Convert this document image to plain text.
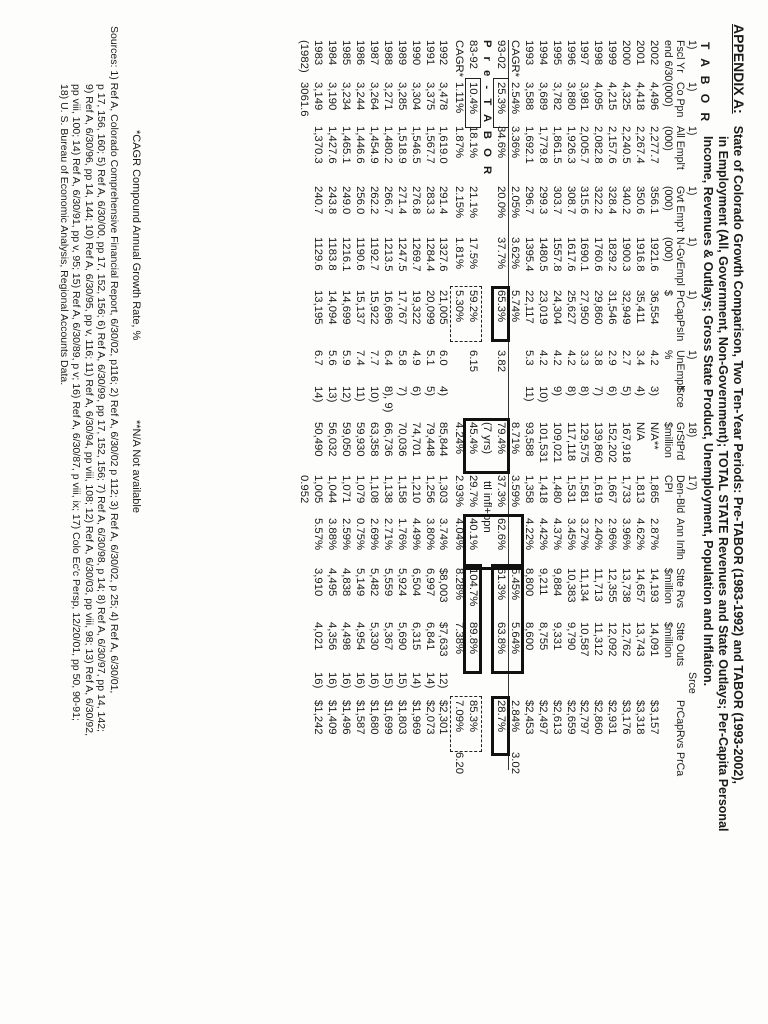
APPENDIX A:State of Colorado Growth Comparison, Two Ten-Year Periods: Pre-TABOR (1983-1992) and TABOR (1993-2002),
in Employment (All, Government, Non-Government); TOTAL STATE Revenues and State Outlays; Per-Capita Personal
Income, Revenues & Outlays; Gross State Product, Unemployment, Population and Inflation.
T A B O R
1)
Fscl Yr
end 6/30
1)
Co Ppn
(000)
1)
All Empl't
(000)
1)
Gvt Emp't
(000)
1)
N-GvEmpl
(000)
1)
PrCapPsIn
$
1)
UnEmplt
%
Srce
18)
GrStPrd
$million
17)
Den-Bld
CPI
Ann Infln
Stte Rvs
$million
Stte Outs
$million
Srce
PrCapRvs
PrCa
2002
4,496
2,277.7
356.1
1921.6
36,554
4.2
3)
N/A**
1,865
2.87%
14,193
14,091
$3,157
2001
4,418
2,267.4
350.6
1916.8
35,411
3.4
4)
N/A
1,813
4.62%
14,657
13,743
$3,318
2000
4,325
2,240.5
340.2
1900.3
32,949
2.7
5)
167,918
1,733
3.96%
13,738
12,762
$3,176
1999
4,215
2,157.6
328.4
1829.2
31,546
2.9
6)
152,202
1,667
2.96%
12,355
12,092
$2,931
1998
4,095
2,082.8
322.2
1760.6
29,860
3.8
7)
139,860
1,619
2.40%
11,713
11,312
$2,860
1997
3,981
2,005.7
315.6
1690.1
27,950
3.3
8)
129,575
1,581
3.27%
11,134
10,587
$2,797
1996
3,880
1,926.3
308.7
1617.6
25,627
4.2
8)
117,118
1,531
3.45%
10,383
9,790
$2,659
1995
3,782
1,861.5
303.7
1557.8
24,304
4.2
9)
109,021
1,480
4.37%
9,884
9,331
$2,613
1994
3,689
1,779.8
299.3
1480.5
23,019
4.2
10)
101,531
1,418
4.42%
9,211
8,755
$2,497
1993
3,588
1,692.1
296.7
1395.4
22,117
5.3
11)
93,588
1,358
4.22%
8,800
8,600
$2,453
CAGR*
2.54%
3.36%
2.05%
3.62%
5.74%
8.71%
3.59%
5.45%
5.64%
2.84%
3.02
93-02
25.3%
34.6%
20.0%
37.7%
65.3%
3.82
79.4%
37.3%
62.6%
61.3%
63.8%
28.7%
P r e - T A B O R
(7 yrs)
ttl infl+ppn
83-92
10.4%
18.1%
21.1%
17.5%
59.2%
6.15
45.4%
29.7%
40.1%
104.7%
89.8%
85.3%
CAGR*
1.11%
1.87%
2.15%
1.81%
5.30%
4.24%
2.93%
4.04%
8.28%
7.38%
7.09%
6.20
1992
3,478
1,619.0
291.4
1327.6
21,005
6.0
4)
85,844
1,303
3.74%
$8,003
$7,633
12)
$2,301
1991
3,375
1,567.7
283.3
1284.4
20,099
5.1
5)
79,448
1,256
3.80%
6,997
6,841
14)
$2,073
1990
3,304
1,546.5
276.8
1269.7
19,322
4.9
6)
74,701
1,210
4.49%
6,504
6,315
14)
$1,969
1989
3,285
1,518.9
271.4
1247.5
17,767
5.8
7)
70,036
1,158
1.76%
5,924
5,690
15)
$1,803
1988
3,271
1,480.2
266.7
1213.5
16,696
6.4
8), 9)
66,736
1,138
2.71%
5,559
5,367
15)
$1,699
1987
3,264
1,454.9
262.2
1192.7
15,922
7.7
10)
63,358
1,108
2.69%
5,482
5,330
16)
$1,680
1986
3,244
1,446.6
256.0
1190.6
15,137
7.4
11)
59,930
1,079
0.75%
5,149
4,954
16)
$1,587
1985
3,234
1,465.1
249.0
1216.1
14,699
5.9
12)
59,050
1,071
2.59%
4,838
4,498
16)
$1,496
1984
3,190
1,427.6
243.8
1183.8
14,094
5.6
13)
56,032
1,044
3.88%
4,495
4,356
16)
$1,409
1983
3,149
1,370.3
240.7
1129.6
13,195
6.7
14)
50,490
1,005
5.57%
3,910
4,021
16)
$1,242
(1982)
3061.6
0.952
*CAGR Compound Annual Growth Rate, %
**N/A Not available
Sources: 1) Ref A, Colorado Comprehensive Financial Report, 6/30/02, p116; 2) Ref A, 6/30/02 p 112; 3) Ref A, 6/30/02, p 25; 4) Ref A, 6/30/01,
p 17, 156, 160; 5) Ref A, 6/30/00, pp 17, 152, 156; 6) Ref A, 6/30/99, pp 17, 152, 156; 7) Ref A, 6/30/98, p 14; 8) Ref A, 6/30/97, pp 14, 142;
9) Ref A, 6/30/96, pp 14, 144; 10) Ref A, 6/30/95, pp v, 116; 11) Ref A, 6/30/94, pp viii, 108; 12) Ref A, 6/30/03, pp viii, 98; 13) Ref A, 6/30/92,
pp viii, 100; 14) Ref A, 6/30/91, pp v, 95; 15) Ref A, 6/30/89, p v; 16) Ref A, 6/30/87, p viii, ix; 17) Colo Ec'c Persp, 12/20/01, pp 50, 90-91;
18) U. S. Bureau of Economic Analysis, Regional Accounts Data.
